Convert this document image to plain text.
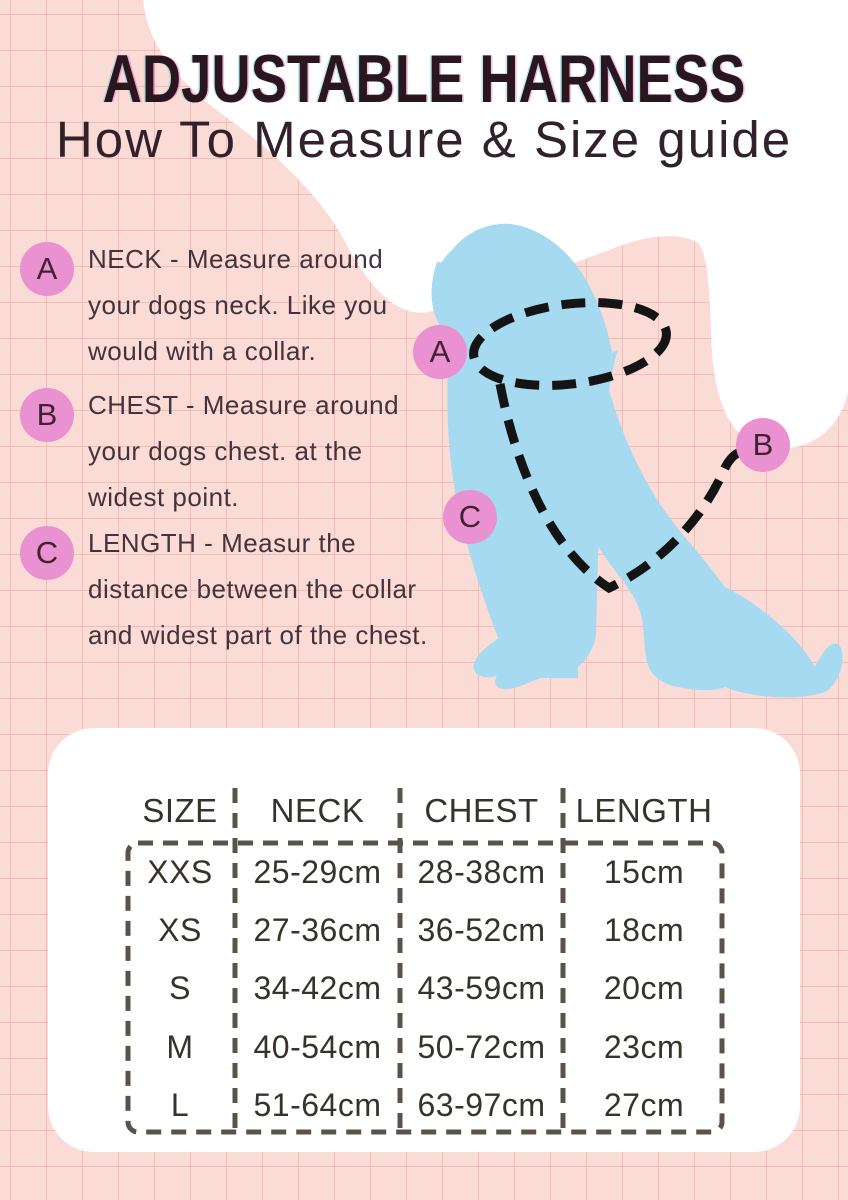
ADJUSTABLE HARNESS
How To Measure & Size guide
A NECK - Measure around your dogs neck. Like you would with a collar.

B CHEST - Measure around your dogs chest. at the widest point.

C LENGTH - Measur the distance between the collar and widest part of the chest.

A
B
C
SIZE	NECK	CHEST	LENGTH
XXS	25-29cm	28-38cm	15cm
XS	27-36cm	36-52cm	18cm
S	34-42cm	43-59cm	20cm
M	40-54cm	50-72cm	23cm
L	51-64cm	63-97cm	27cm
